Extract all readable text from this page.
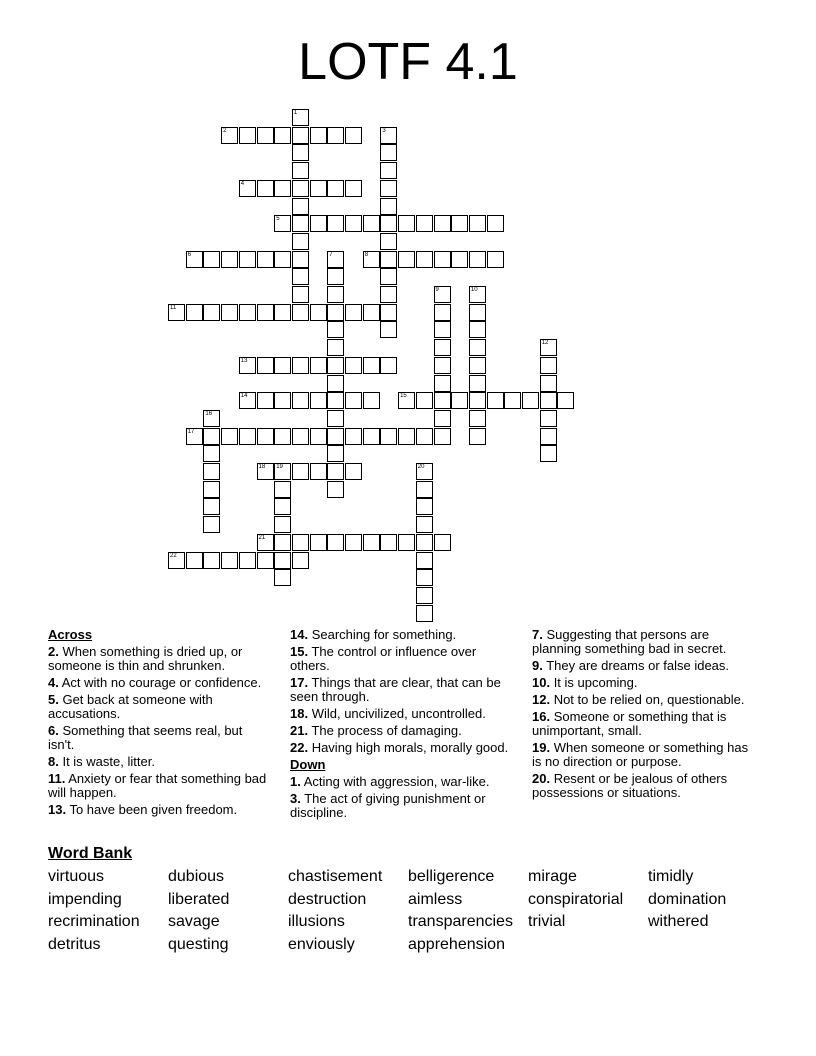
LOTF 4.1
1
2	3
4
5
6	7	8
9	10
11
12
13
14	15
16
17
18 19	20
21
22
Across
2. When something is dried up, or someone is thin and shrunken.
4. Act with no courage or confidence.
5. Get back at someone with accusations.
6. Something that seems real, but isn't.
8. It is waste, litter.
11. Anxiety or fear that something bad will happen.
13. To have been given freedom.
14. Searching for something.
15. The control or influence over others.
17. Things that are clear, that can be seen through.
18. Wild, uncivilized, uncontrolled.
21. The process of damaging.
22. Having high morals, morally good.
Down
1. Acting with aggression, war-like.
3. The act of giving punishment or discipline.
7. Suggesting that persons are planning something bad in secret.
9. They are dreams or false ideas.
10. It is upcoming.
12. Not to be relied on, questionable.
16. Someone or something that is unimportant, small.
19. When someone or something has is no direction or purpose.
20. Resent or be jealous of others possessions or situations.
Word Bank
virtuous	dubious	chastisement belligerence mirage	timidly
impending	liberated	destruction	aimless	conspiratorial domination
recrimination savage	illusions	transparencies trivial	withered
detritus	questing	enviously	apprehension
